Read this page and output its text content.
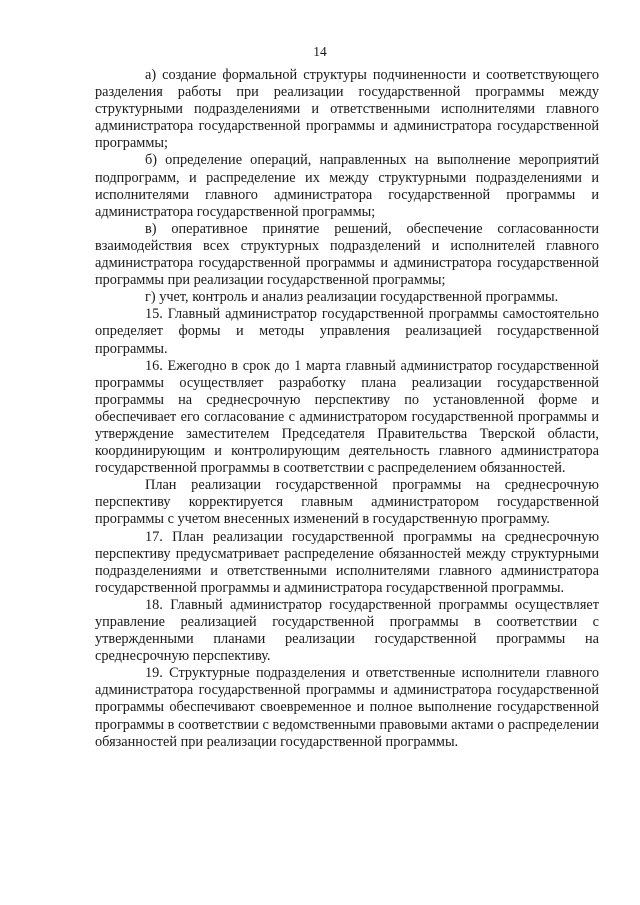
14

а) создание формальной структуры подчиненности и соответствующего разделения работы при реализации государственной программы между структурными подразделениями и ответственными исполнителями главного администратора государственной программы и администратора государственной программы;

б) определение операций, направленных на выполнение мероприятий подпрограмм, и распределение их между структурными подразделениями и исполнителями главного администратора государственной программы и администратора государственной программы;

в) оперативное принятие решений, обеспечение согласованности взаимодействия всех структурных подразделений и исполнителей главного администратора государственной программы и администратора государственной программы при реализации государственной программы;

г) учет, контроль и анализ реализации государственной программы.

15. Главный администратор государственной программы самостоятельно определяет формы и методы управления реализацией государственной программы.

16. Ежегодно в срок до 1 марта главный администратор государственной программы осуществляет разработку плана реализации государственной программы на среднесрочную перспективу по установленной форме и обеспечивает его согласование с администратором государственной программы и утверждение заместителем Председателя Правительства Тверской области, координирующим и контролирующим деятельность главного администратора государственной программы в соответствии с распределением обязанностей.

План реализации государственной программы на среднесрочную перспективу корректируется главным администратором государственной программы с учетом внесенных изменений в государственную программу.

17. План реализации государственной программы на среднесрочную перспективу предусматривает распределение обязанностей между структурными подразделениями и ответственными исполнителями главного администратора государственной программы и администратора государственной программы.

18. Главный администратор государственной программы осуществляет управление реализацией государственной программы в соответствии с утвержденными планами реализации государственной программы на среднесрочную перспективу.

19. Структурные подразделения и ответственные исполнители главного администратора государственной программы и администратора государственной программы обеспечивают своевременное и полное выполнение государственной программы в соответствии с ведомственными правовыми актами о распределении обязанностей при реализации государственной программы.
